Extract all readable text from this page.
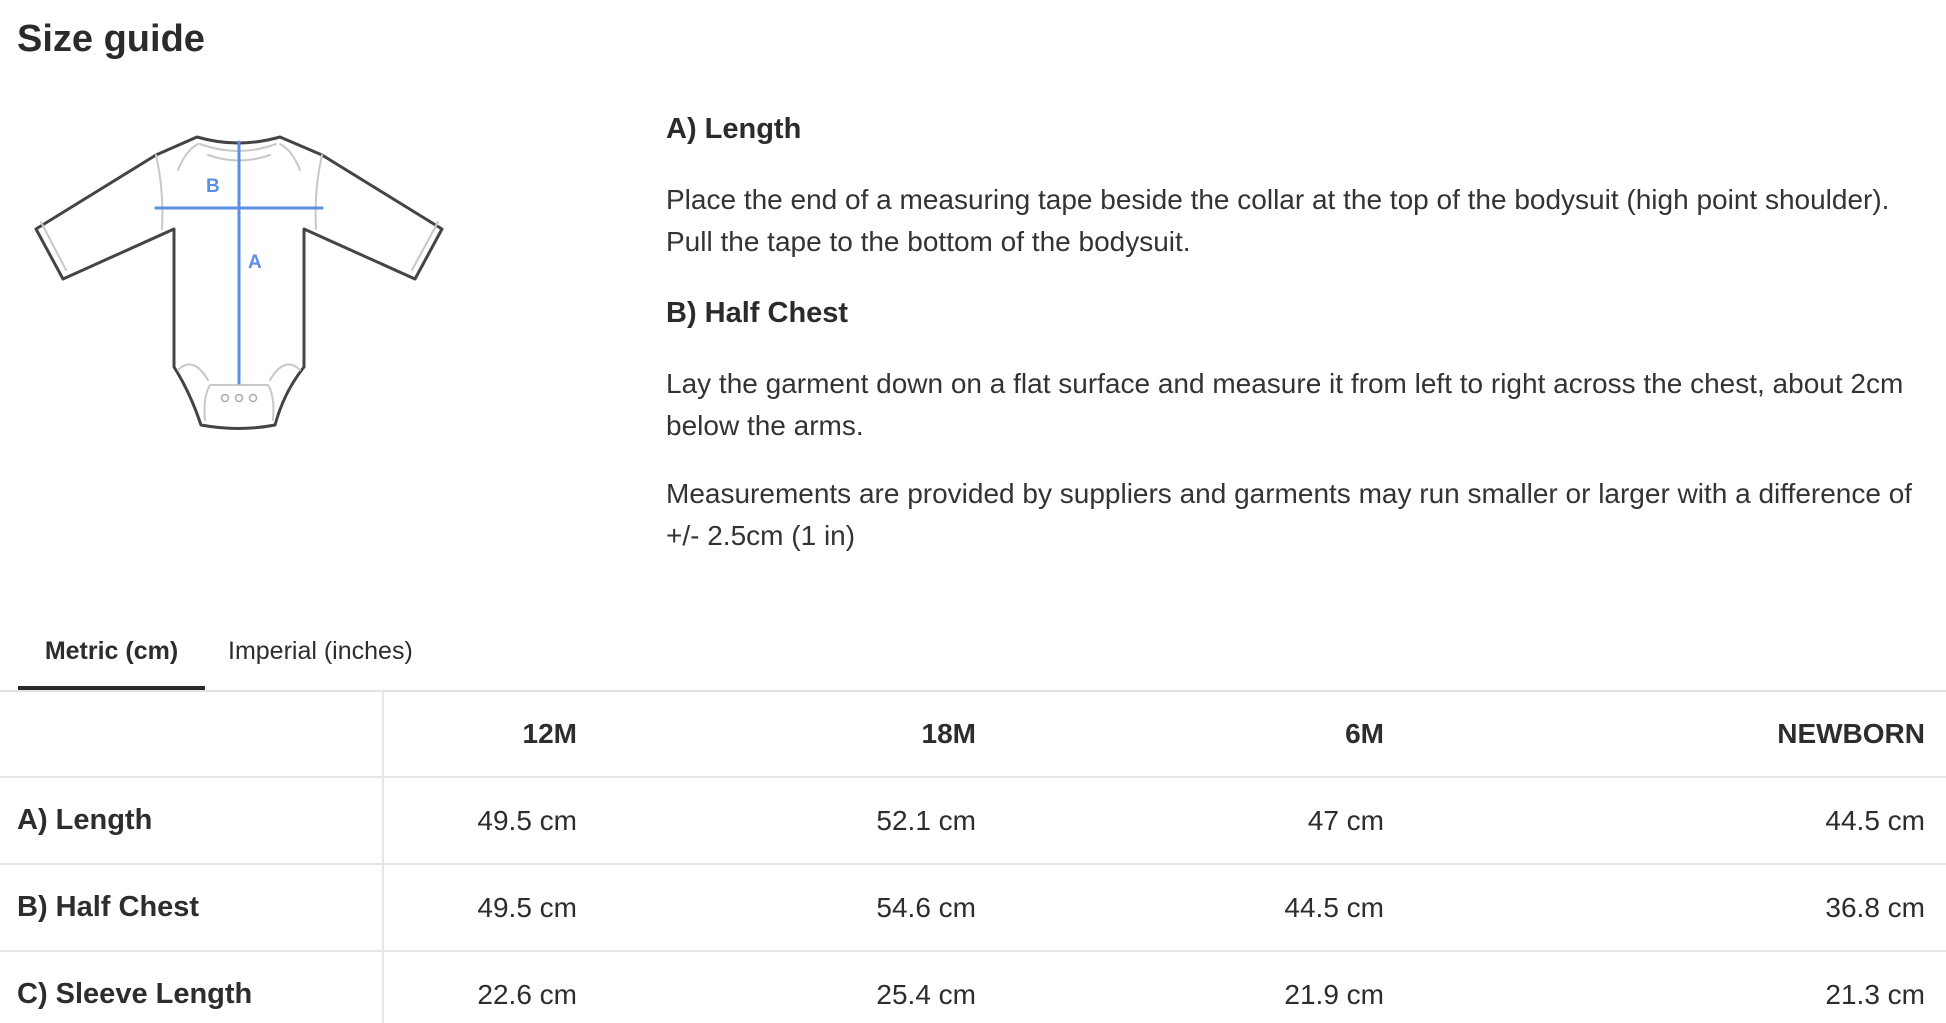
Size guide
B
A
A) Length

Place the end of a measuring tape beside the collar at the top of the bodysuit (high point shoulder). Pull the tape to the bottom of the bodysuit.

B) Half Chest

Lay the garment down on a flat surface and measure it from left to right across the chest, about 2cm below the arms.

Measurements are provided by suppliers and garments may run smaller or larger with a difference of +/- 2.5cm (1 in)

Metric (cm)	Imperial (inches)
	12M	18M	6M	NEWBORN
A) Length	49.5 cm	52.1 cm	47 cm	44.5 cm
B) Half Chest	49.5 cm	54.6 cm	44.5 cm	36.8 cm
C) Sleeve Length	22.6 cm	25.4 cm	21.9 cm	21.3 cm
